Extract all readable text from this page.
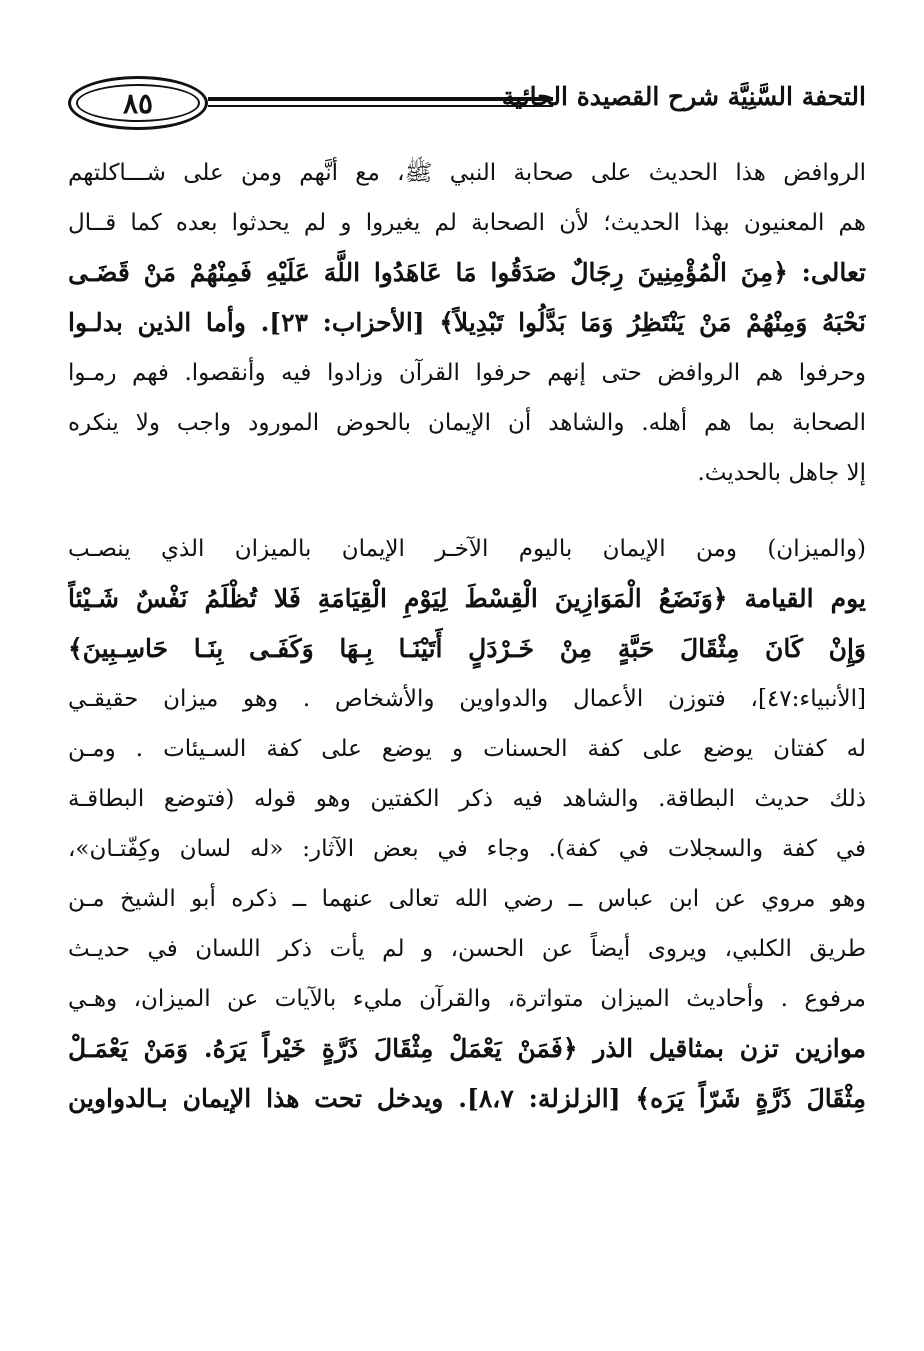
٨٥	التحفة السَّنِيَّة شرح القصيدة الحائية
الروافض هذا الحديث على صحابة النبي ﷺ، مع أنَّهم ومن على شـــاكلتهم
هم المعنيون بهذا الحديث؛ لأن الصحابة لم يغيروا و لم يحدثوا بعده كما قــال
تعالى: ﴿مِنَ الْمُؤْمِنِينَ رِجَالٌ صَدَقُوا مَا عَاهَدُوا اللَّهَ عَلَيْهِ فَمِنْهُمْ مَنْ قَضَـى
نَحْبَهُ وَمِنْهُمْ مَنْ يَنْتَظِرُ وَمَا بَدَّلُوا تَبْدِيلاً﴾ [الأحزاب: ٢٣]. وأما الذين بدلـوا
وحرفوا هم الروافض حتى إنهم حرفوا القرآن وزادوا فيه وأنقصوا. فهم رمـوا
الصحابة بما هم أهله. والشاهد أن الإيمان بالحوض المورود واجب ولا ينكره
إلا جاهل بالحديث.
(والميزان) ومن الإيمان باليوم الآخـر الإيمان بالميزان الذي ينصـب
يوم القيامة ﴿وَنَضَعُ الْمَوَازِينَ الْقِسْطَ لِيَوْمِ الْقِيَامَةِ فَلا تُظْلَمُ نَفْسٌ شَـيْئاً
وَإِنْ كَانَ مِثْقَالَ حَبَّةٍ مِنْ خَـرْدَلٍ أَتَيْنَـا بِـهَا وَكَفَـى بِنَـا حَاسِـبِينَ﴾
[الأنبياء:٤٧]، فتوزن الأعمال والدواوين والأشخاص . وهو ميزان حقيقـي
له كفتان يوضع على كفة الحسنات و يوضع على كفة السـيئات . ومـن
ذلك حديث البطاقة. والشاهد فيه ذكر الكفتين وهو قوله (فتوضع البطاقـة
في كفة والسجلات في كفة). وجاء في بعض الآثار: «له لسان وكِفّتـان»،
وهو مروي عن ابن عباس ــ رضي الله تعالى عنهما ــ ذكره أبو الشيخ مـن
طريق الكلبي، ويروى أيضاً عن الحسن، و لم يأت ذكر اللسان في حديـث
مرفوع . وأحاديث الميزان متواترة، والقرآن مليء بالآيات عن الميزان، وهـي
موازين تزن بمثاقيل الذر ﴿فَمَنْ يَعْمَلْ مِثْقَالَ ذَرَّةٍ خَيْراً يَرَهُ. وَمَنْ يَعْمَـلْ
مِثْقَالَ ذَرَّةٍ شَرّاً يَرَه﴾ [الزلزلة: ٨،٧]. ويدخل تحت هذا الإيمان بـالدواوين
